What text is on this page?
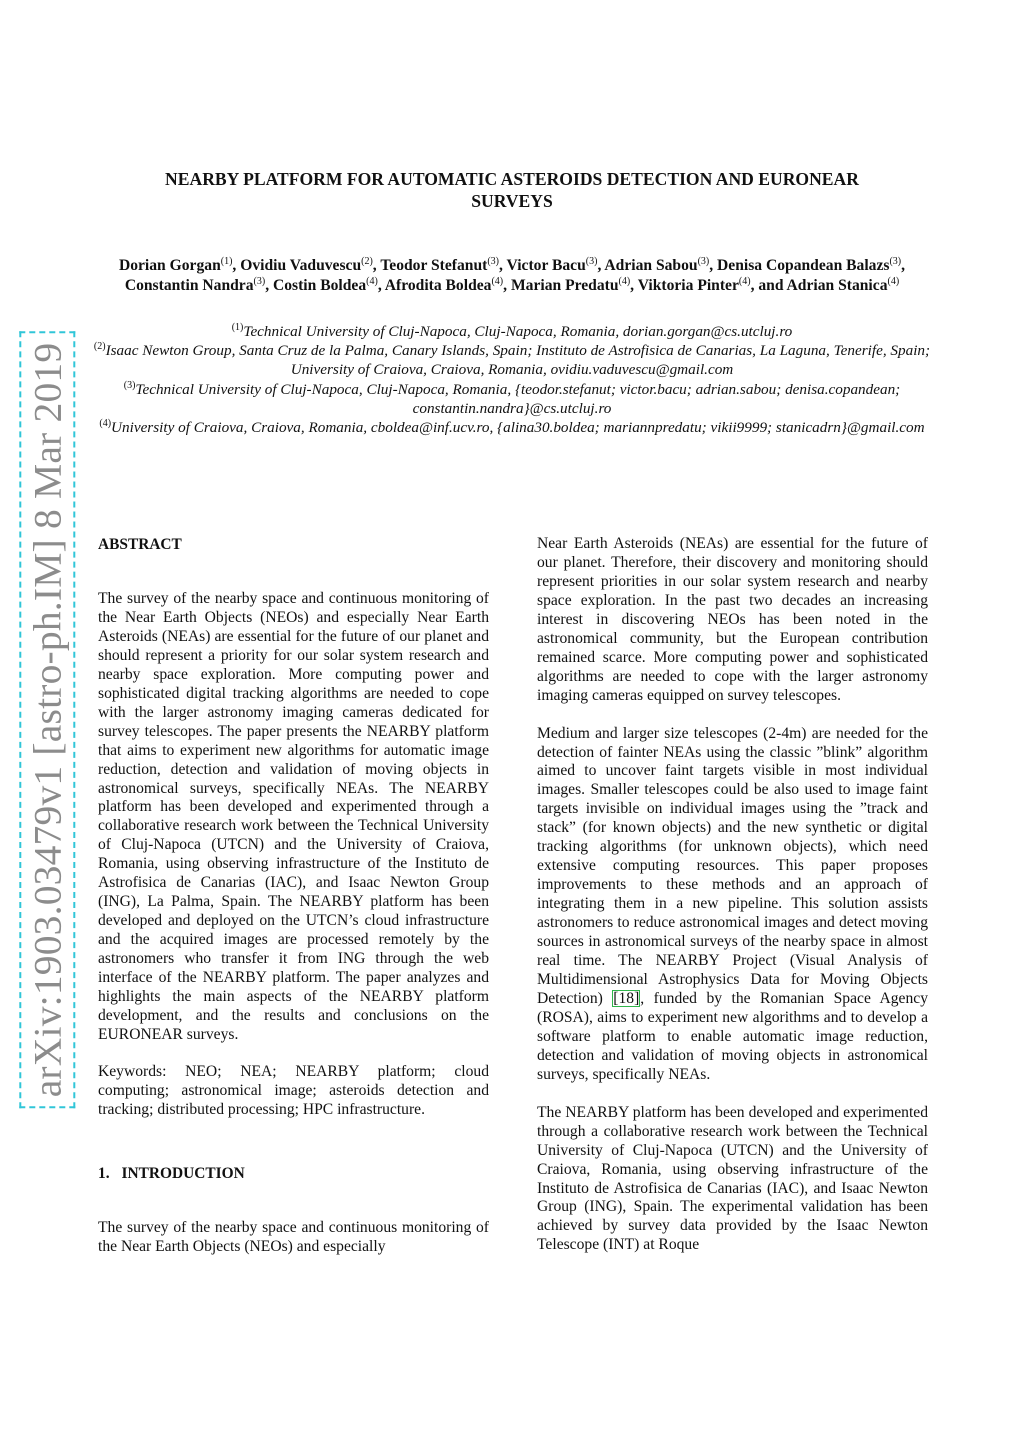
arXiv:1903.03479v1 [astro-ph.IM] 8 Mar 2019
NEARBY PLATFORM FOR AUTOMATIC ASTEROIDS DETECTION AND EURONEAR
SURVEYS
Dorian Gorgan$^{(1)}$, Ovidiu Vaduvescu$^{(2)}$, Teodor Stefanut$^{(3)}$, Victor Bacu$^{(3)}$, Adrian Sabou$^{(3)}$, Denisa Copandean Balazs$^{(3)}$, Constantin Nandra$^{(3)}$, Costin Boldea$^{(4)}$, Afrodita Boldea$^{(4)}$, Marian Predatu$^{(4)}$, Viktoria Pinter$^{(4)}$, and Adrian Stanica$^{(4)}$

$^{(1)}$Technical University of Cluj-Napoca, Cluj-Napoca, Romania, dorian.gorgan@cs.utcluj.ro

$^{(2)}$Isaac Newton Group, Santa Cruz de la Palma, Canary Islands, Spain; Instituto de Astrofisica de Canarias, La Laguna, Tenerife, Spain; University of Craiova, Craiova, Romania, ovidiu.vaduvescu@gmail.com

$^{(3)}$Technical University of Cluj-Napoca, Cluj-Napoca, Romania, {teodor.stefanut; victor.bacu; adrian.sabou; denisa.copandean; constantin.nandra}@cs.utcluj.ro

$^{(4)}$University of Craiova, Craiova, Romania, cboldea@inf.ucv.ro, {alina30.boldea; mariannpredatu; vikii9999; stanicadrn}@gmail.com

ABSTRACT

The survey of the nearby space and continuous monitoring of the Near Earth Objects (NEOs) and especially Near Earth Asteroids (NEAs) are essential for the future of our planet and should represent a priority for our solar system research and nearby space exploration. More computing power and sophisticated digital tracking algorithms are needed to cope with the larger astronomy imaging cameras dedicated for survey telescopes. The paper presents the NEARBY platform that aims to experiment new algorithms for automatic image reduction, detection and validation of moving objects in astronomical surveys, specifically NEAs. The NEARBY platform has been developed and experimented through a collaborative research work between the Technical University of Cluj-Napoca (UTCN) and the University of Craiova, Romania, using observing infrastructure of the Instituto de Astrofisica de Canarias (IAC), and Isaac Newton Group (ING), La Palma, Spain. The NEARBY platform has been developed and deployed on the UTCN’s cloud infrastructure and the acquired images are processed remotely by the astronomers who transfer it from ING through the web interface of the NEARBY platform. The paper analyzes and highlights the main aspects of the NEARBY platform development, and the results and conclusions on the EURONEAR surveys.

Keywords: NEO; NEA; NEARBY platform; cloud computing; astronomical image; asteroids detection and tracking; distributed processing; HPC infrastructure.

1. INTRODUCTION

The survey of the nearby space and continuous monitoring of the Near Earth Objects (NEOs) and especially

Near Earth Asteroids (NEAs) are essential for the future of our planet. Therefore, their discovery and monitoring should represent priorities in our solar system research and nearby space exploration. In the past two decades an increasing interest in discovering NEOs has been noted in the astronomical community, but the European contribution remained scarce. More computing power and sophisticated algorithms are needed to cope with the larger astronomy imaging cameras equipped on survey telescopes.

Medium and larger size telescopes (2-4m) are needed for the detection of fainter NEAs using the classic ”blink” algorithm aimed to uncover faint targets visible in most individual images. Smaller telescopes could be also used to image faint targets invisible on individual images using the ”track and stack” (for known objects) and the new synthetic or digital tracking algorithms (for unknown objects), which need extensive computing resources. This paper proposes improvements to these methods and an approach of integrating them in a new pipeline. This solution assists astronomers to reduce astronomical images and detect moving sources in astronomical surveys of the nearby space in almost real time. The NEARBY Project (Visual Analysis of Multidimensional Astrophysics Data for Moving Objects Detection) [18], funded by the Romanian Space Agency (ROSA), aims to experiment new algorithms and to develop a software platform to enable automatic image reduction, detection and validation of moving objects in astronomical surveys, specifically NEAs.

The NEARBY platform has been developed and experimented through a collaborative research work between the Technical University of Cluj-Napoca (UTCN) and the University of Craiova, Romania, using observing infrastructure of the Instituto de Astrofisica de Canarias (IAC), and Isaac Newton Group (ING), Spain. The experimental validation has been achieved by survey data provided by the Isaac Newton Telescope (INT) at Roque
